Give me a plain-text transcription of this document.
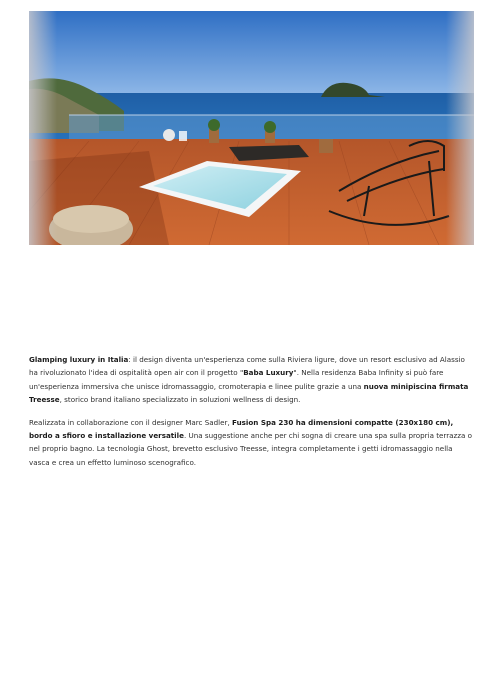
Glamping luxury in Italia: il design diventa un'esperienza come sulla Riviera ligure, dove un resort esclusivo ad Alassio ha rivoluzionato l'idea di ospitalità open air con il progetto "Baba Luxury". Nella residenza Baba Infinity si può fare un'esperienza immersiva che unisce idromassaggio, cromoterapia e linee pulite grazie a una nuova minipiscina firmata Treesse, storico brand italiano specializzato in soluzioni wellness di design.

Realizzata in collaborazione con il designer Marc Sadler, Fusion Spa 230 ha dimensioni compatte (230x180 cm), bordo a sfioro e installazione versatile. Una suggestione anche per chi sogna di creare una spa sulla propria terrazza o nel proprio bagno. La tecnologia Ghost, brevetto esclusivo Treesse, integra completamente i getti idromassaggio nella vasca e crea un effetto luminoso scenografico.
